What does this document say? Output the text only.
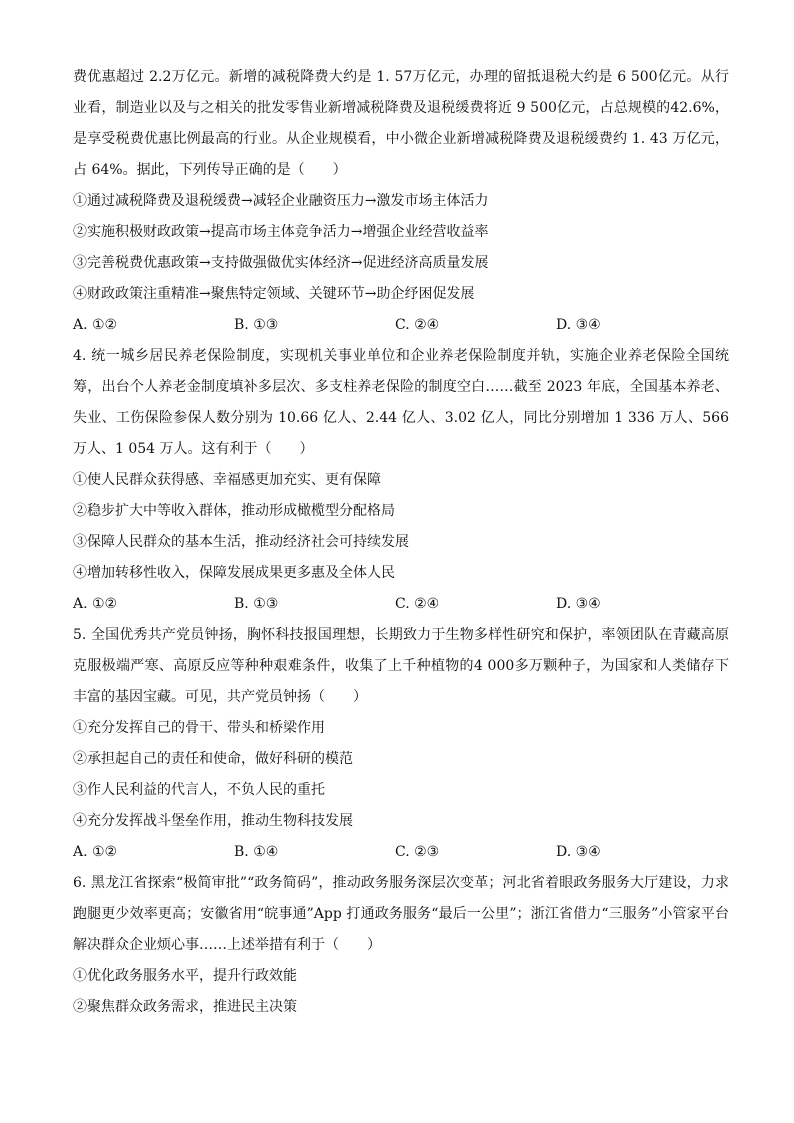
费优惠超过 2.2万亿元。新增的减税降费大约是 1. 57万亿元，办理的留抵退税大约是 6 500亿元。从行业看，制造业以及与之相关的批发零售业新增减税降费及退税缓费将近 9 500亿元，占总规模的42.6%，是享受税费优惠比例最高的行业。从企业规模看，中小微企业新增减税降费及退税缓费约 1. 43 万亿元，占 64%。据此，下列传导正确的是（　　）

①通过减税降费及退税缓费→减轻企业融资压力→激发市场主体活力

②实施积极财政政策→提高市场主体竞争活力→增强企业经营收益率

③完善税费优惠政策→支持做强做优实体经济→促进经济高质量发展

④财政政策注重精准→聚焦特定领域、关键环节→助企纾困促发展

A. ①②	B. ①③	C. ②④	D. ③④

4. 统一城乡居民养老保险制度，实现机关事业单位和企业养老保险制度并轨，实施企业养老保险全国统筹，出台个人养老金制度填补多层次、多支柱养老保险的制度空白……截至 2023 年底，全国基本养老、失业、工伤保险参保人数分别为 10.66 亿人、2.44 亿人、3.02 亿人，同比分别增加 1 336 万人、566 万人、1 054 万人。这有利于（　　）

①使人民群众获得感、幸福感更加充实、更有保障

②稳步扩大中等收入群体，推动形成橄榄型分配格局

③保障人民群众的基本生活，推动经济社会可持续发展

④增加转移性收入，保障发展成果更多惠及全体人民

A. ①②	B. ①③	C. ②④	D. ③④

5. 全国优秀共产党员钟扬，胸怀科技报国理想，长期致力于生物多样性研究和保护，率领团队在青藏高原克服极端严寒、高原反应等种种艰难条件，收集了上千种植物的4 000多万颗种子，为国家和人类储存下丰富的基因宝藏。可见，共产党员钟扬（　　）

①充分发挥自己的骨干、带头和桥梁作用

②承担起自己的责任和使命，做好科研的模范

③作人民利益的代言人，不负人民的重托

④充分发挥战斗堡垒作用，推动生物科技发展

A. ①②	B. ①④	C. ②③	D. ③④

6. 黑龙江省探索“极简审批”“政务简码”，推动政务服务深层次变革；河北省着眼政务服务大厅建设，力求跑腿更少效率更高；安徽省用“皖事通”App 打通政务服务“最后一公里”；浙江省借力“三服务”小管家平台解决群众企业烦心事……上述举措有利于（　　）

①优化政务服务水平，提升行政效能

②聚焦群众政务需求，推进民主决策
